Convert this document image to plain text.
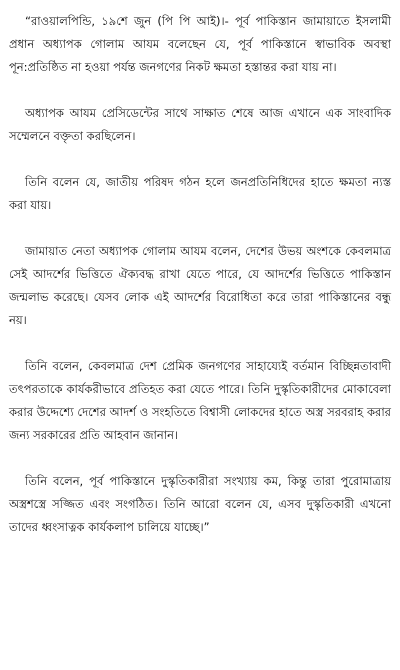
“রাওয়ালপিন্ডি, ১৯শে জুন (পি পি আই)।- পূর্ব পাকিস্তান জামায়াতে ইসলামী প্রধান অধ্যাপক গোলাম আযম বলেছেন যে, পূর্ব পাকিস্তানে স্বাভাবিক অবস্থা পূন:প্রতিষ্ঠিত না হওয়া পর্যন্ত জনগণের নিকট ক্ষমতা হস্তান্তর করা যায় না।

অধ্যাপক আযম প্রেসিডেন্টের সাথে সাক্ষাত শেষে আজ এখানে এক সাংবাদিক সম্মেলনে বক্তৃতা করছিলেন।

তিনি বলেন যে, জাতীয় পরিষদ গঠন হলে জনপ্রতিনিধিদের হাতে ক্ষমতা ন্যস্ত করা যায়।

জামায়াত নেতা অধ্যাপক গোলাম আযম বলেন, দেশের উভয় অংশকে কেবলমাত্র সেই আদর্শের ভিত্তিতে ঐক্যবদ্ধ রাখা যেতে পারে, যে আদর্শের ভিত্তিতে পাকিস্তান জন্মলাভ করেছে। যেসব লোক এই আদর্শের বিরোধিতা করে তারা পাকিস্তানের বন্ধু নয়।

তিনি বলেন, কেবলমাত্র দেশ প্রেমিক জনগণের সাহায্যেই বর্তমান বিচ্ছিন্নতাবাদী তৎপরতাকে কার্যকরীভাবে প্রতিহত করা যেতে পারে। তিনি দুস্কৃতিকারীদের মোকাবেলা করার উদ্দেশ্যে দেশের আদর্শ ও সংহতিতে বিশ্বাসী লোকদের হাতে অস্ত্র সরবরাহ করার জন্য সরকারের প্রতি আহবান জানান।

তিনি বলেন, পূর্ব পাকিস্তানে দুস্কৃতিকারীরা সংখ্যায় কম, কিন্তু তারা পুরোমাত্রায় অস্ত্রশস্ত্রে সজ্জিত এবং সংগঠিত। তিনি আরো বলেন যে, এসব দুস্কৃতিকারী এখনো তাদের ধ্বংসাত্নক কার্যকলাপ চালিয়ে যাচ্ছে।”
